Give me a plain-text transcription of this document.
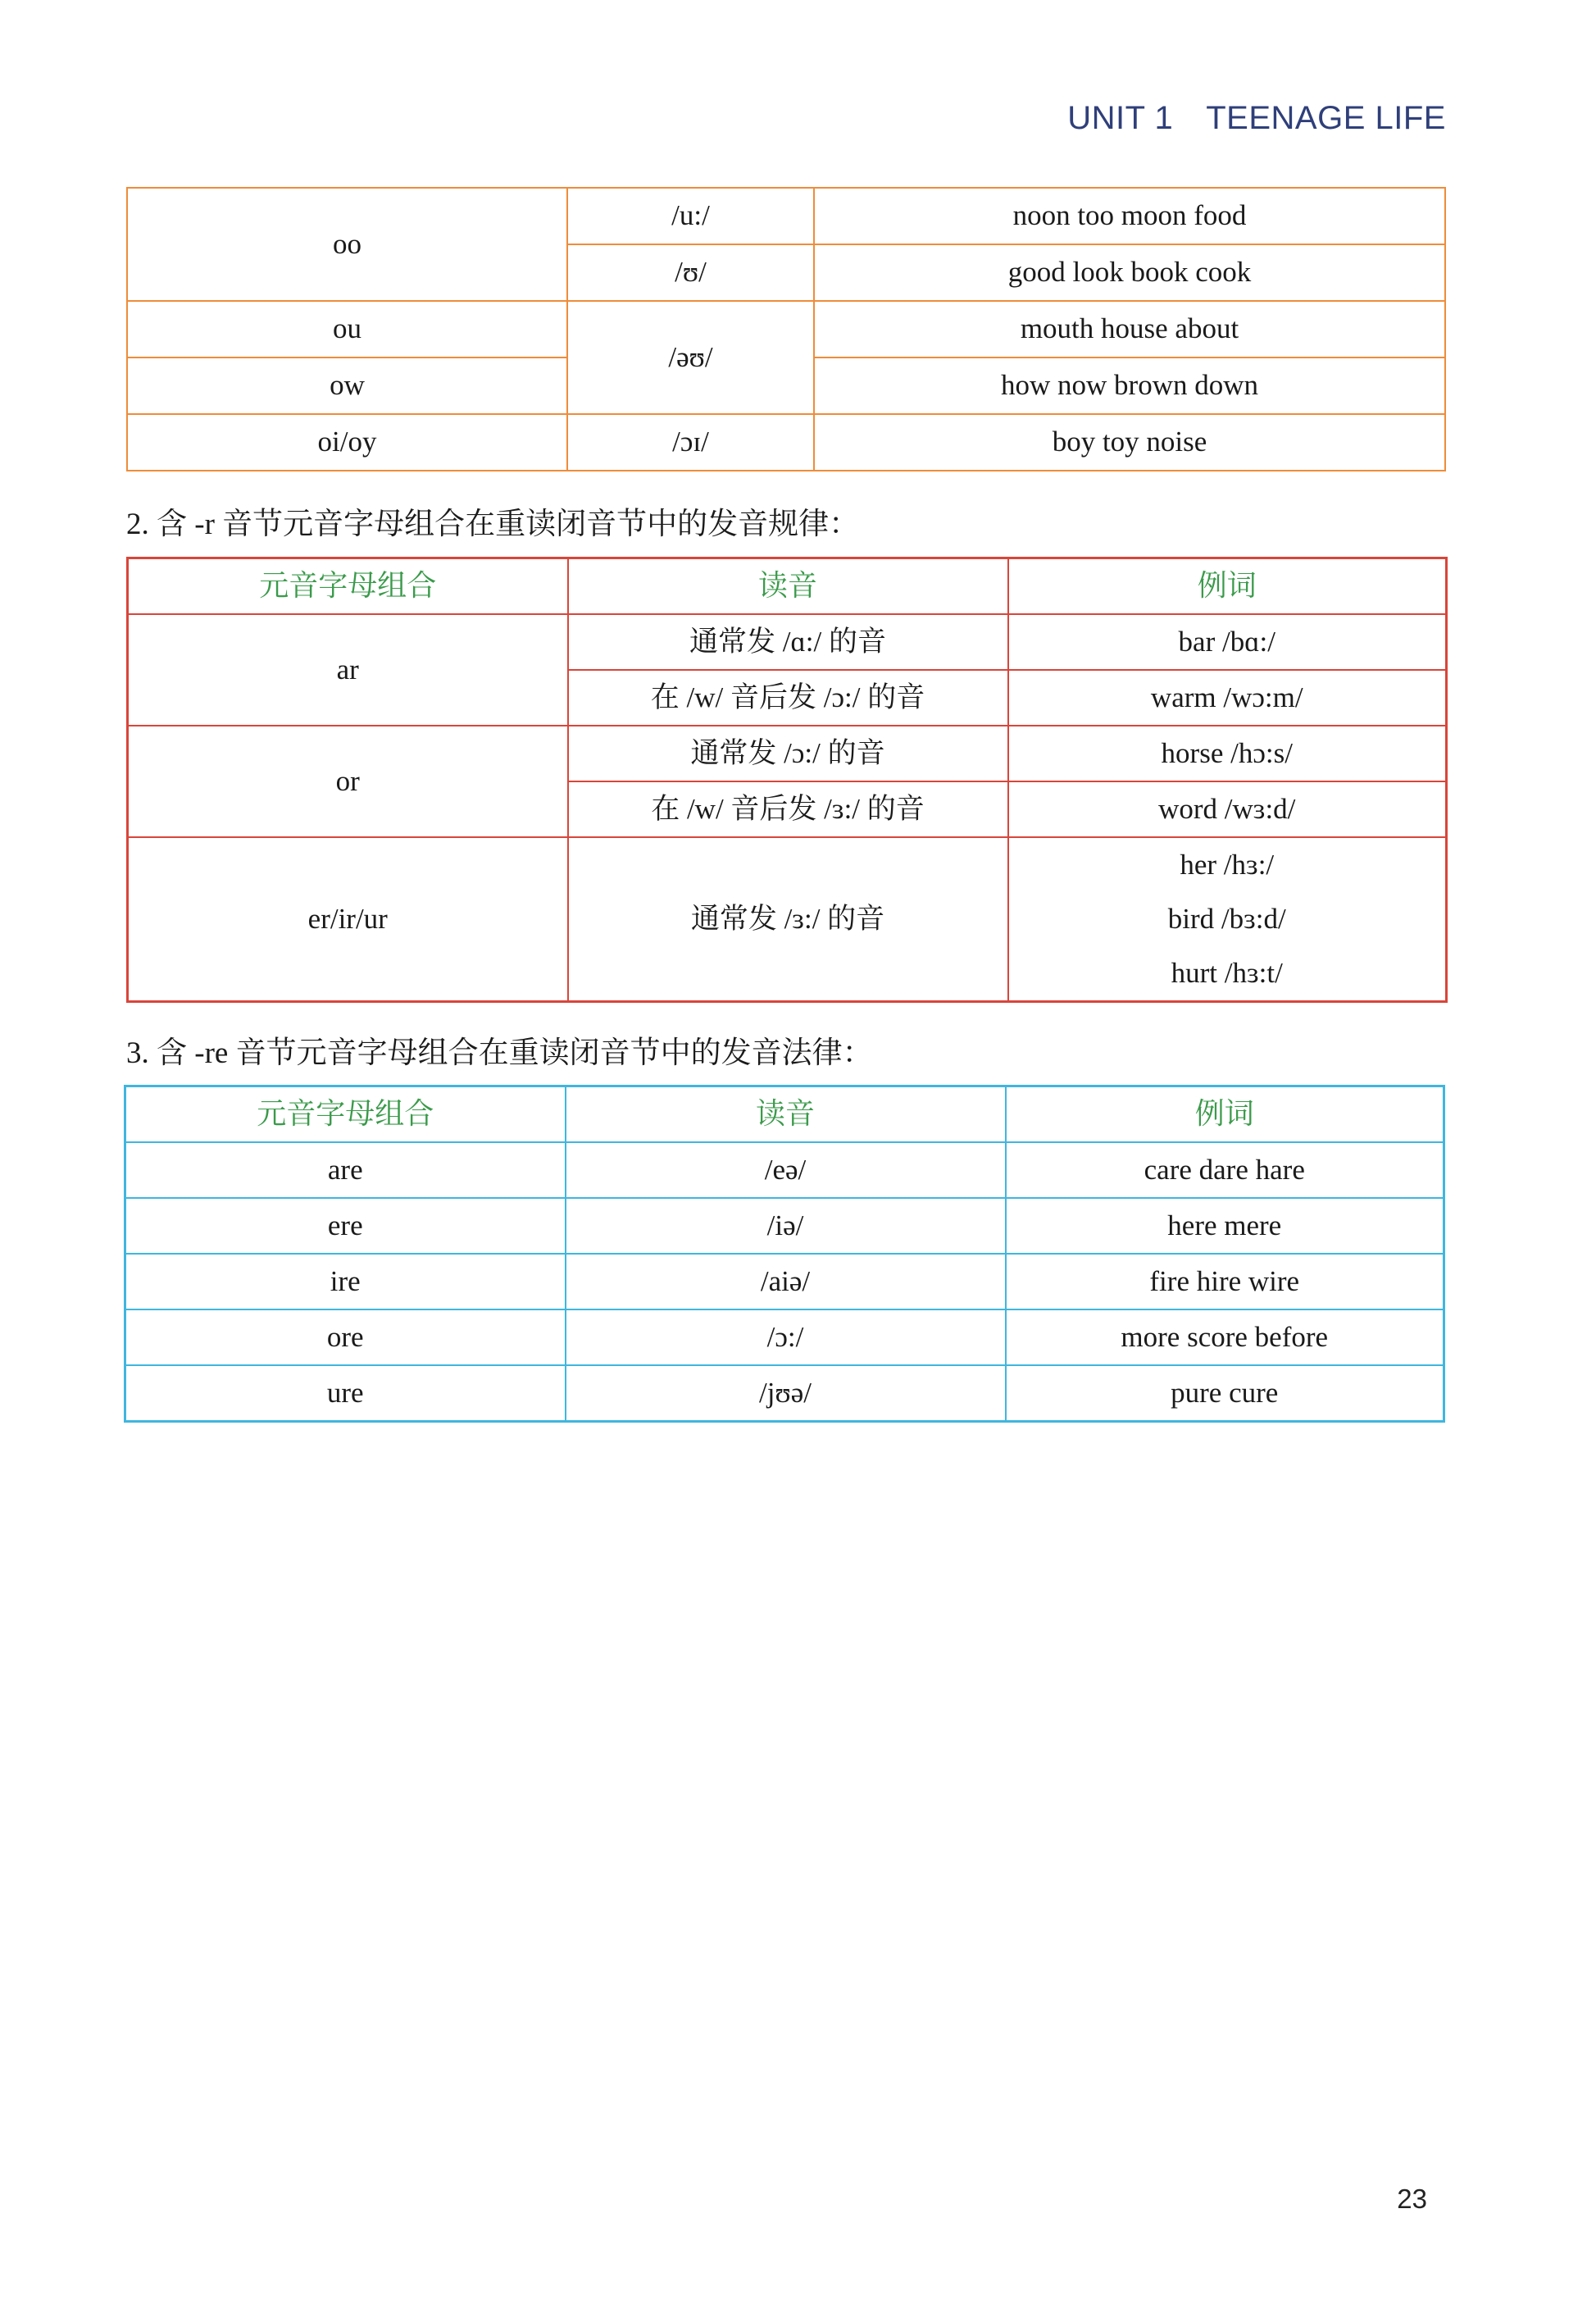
UNIT 1 TEENAGE LIFE
oo	/u:/	noon too moon food
	/ʊ/	good look book cook
ou	/əʊ/	mouth house about
ow		how now brown down
oi/oy	/ɔɪ/	boy toy noise
2. 含 -r 音节元音字母组合在重读闭音节中的发音规律：
元音字母组合	读音	例词
ar	通常发 /ɑ:/ 的音	bar /bɑ:/
	在 /w/ 音后发 /ɔ:/ 的音	warm /wɔ:m/
or	通常发 /ɔ:/ 的音	horse /hɔ:s/
	在 /w/ 音后发 /ɜ:/ 的音	word /wɜ:d/
er/ir/ur	通常发 /ɜ:/ 的音	her /hɜ:/
bird /bɜ:d/
hurt /hɜ:t/
3. 含 -re 音节元音字母组合在重读闭音节中的发音法律：
元音字母组合	读音	例词
are	/eə/	care dare hare
ere	/iə/	here mere
ire	/aiə/	fire hire wire
ore	/ɔ:/	more score before
ure	/jʊə/	pure cure
23
